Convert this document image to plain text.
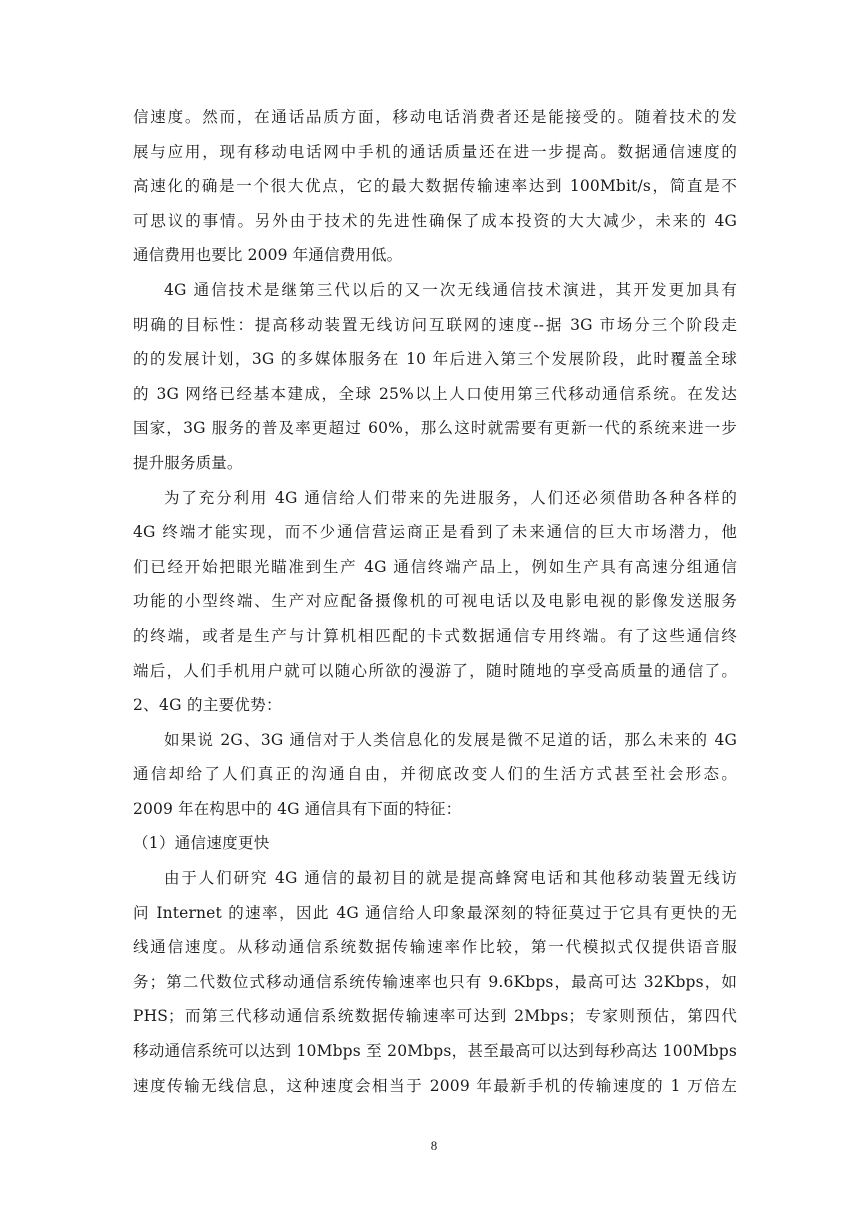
信速度。然而，在通话品质方面，移动电话消费者还是能接受的。随着技术的发
展与应用，现有移动电话网中手机的通话质量还在进一步提高。数据通信速度的
高速化的确是一个很大优点，它的最大数据传输速率达到 100Mbit/s，简直是不
可思议的事情。另外由于技术的先进性确保了成本投资的大大减少，未来的 4G
通信费用也要比 2009 年通信费用低。
4G 通信技术是继第三代以后的又一次无线通信技术演进，其开发更加具有
明确的目标性：提高移动装置无线访问互联网的速度--据 3G 市场分三个阶段走
的的发展计划，3G 的多媒体服务在 10 年后进入第三个发展阶段，此时覆盖全球
的 3G 网络已经基本建成，全球 25%以上人口使用第三代移动通信系统。在发达
国家，3G 服务的普及率更超过 60%，那么这时就需要有更新一代的系统来进一步
提升服务质量。
为了充分利用 4G 通信给人们带来的先进服务，人们还必须借助各种各样的
4G 终端才能实现，而不少通信营运商正是看到了未来通信的巨大市场潜力，他
们已经开始把眼光瞄准到生产 4G 通信终端产品上，例如生产具有高速分组通信
功能的小型终端、生产对应配备摄像机的可视电话以及电影电视的影像发送服务
的终端，或者是生产与计算机相匹配的卡式数据通信专用终端。有了这些通信终
端后，人们手机用户就可以随心所欲的漫游了，随时随地的享受高质量的通信了。
2、4G 的主要优势：
如果说 2G、3G 通信对于人类信息化的发展是微不足道的话，那么未来的 4G
通信却给了人们真正的沟通自由，并彻底改变人们的生活方式甚至社会形态。
2009 年在构思中的 4G 通信具有下面的特征：
（1）通信速度更快
由于人们研究 4G 通信的最初目的就是提高蜂窝电话和其他移动装置无线访
问 Internet 的速率，因此 4G 通信给人印象最深刻的特征莫过于它具有更快的无
线通信速度。从移动通信系统数据传输速率作比较，第一代模拟式仅提供语音服
务；第二代数位式移动通信系统传输速率也只有 9.6Kbps，最高可达 32Kbps，如
PHS；而第三代移动通信系统数据传输速率可达到 2Mbps；专家则预估，第四代
移动通信系统可以达到 10Mbps 至 20Mbps，甚至最高可以达到每秒高达 100Mbps
速度传输无线信息，这种速度会相当于 2009 年最新手机的传输速度的 1 万倍左
8
